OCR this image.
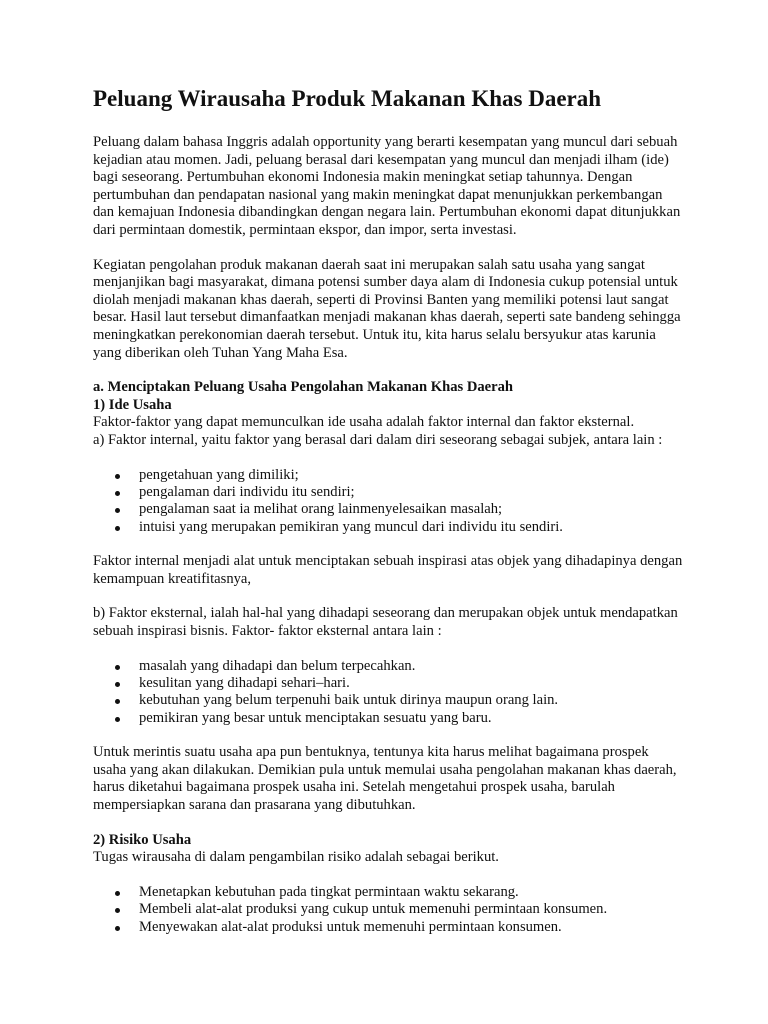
Peluang Wirausaha Produk Makanan Khas Daerah

Peluang dalam bahasa Inggris adalah opportunity yang berarti kesempatan yang muncul dari sebuah kejadian atau momen. Jadi, peluang berasal dari kesempatan yang muncul dan menjadi ilham (ide) bagi seseorang. Pertumbuhan ekonomi Indonesia makin meningkat setiap tahunnya. Dengan pertumbuhan dan pendapatan nasional yang makin meningkat dapat menunjukkan perkembangan dan kemajuan Indonesia dibandingkan dengan negara lain. Pertumbuhan ekonomi dapat ditunjukkan dari permintaan domestik, permintaan ekspor, dan impor, serta investasi.

Kegiatan pengolahan produk makanan daerah saat ini merupakan salah satu usaha yang sangat menjanjikan bagi masyarakat, dimana potensi sumber daya alam di Indonesia cukup potensial untuk diolah menjadi makanan khas daerah, seperti di Provinsi Banten yang memiliki potensi laut sangat besar. Hasil laut tersebut dimanfaatkan menjadi makanan khas daerah, seperti sate bandeng sehingga meningkatkan perekonomian daerah tersebut. Untuk itu, kita harus selalu bersyukur atas karunia yang diberikan oleh Tuhan Yang Maha Esa.

a. Menciptakan Peluang Usaha Pengolahan Makanan Khas Daerah
1) Ide Usaha
Faktor-faktor yang dapat memunculkan ide usaha adalah faktor internal dan faktor eksternal.
a) Faktor internal, yaitu faktor yang berasal dari dalam diri seseorang sebagai subjek, antara lain :
pengetahuan yang dimiliki;
pengalaman dari individu itu sendiri;
pengalaman saat ia melihat orang lainmenyelesaikan masalah;
intuisi yang merupakan pemikiran yang muncul dari individu itu sendiri.

Faktor internal menjadi alat untuk menciptakan sebuah inspirasi atas objek yang dihadapinya dengan kemampuan kreatifitasnya,

b) Faktor eksternal, ialah hal-hal yang dihadapi seseorang dan merupakan objek untuk mendapatkan sebuah inspirasi bisnis. Faktor- faktor eksternal antara lain :

masalah yang dihadapi dan belum terpecahkan.
kesulitan yang dihadapi sehari–hari.
kebutuhan yang belum terpenuhi baik untuk dirinya maupun orang lain.
pemikiran yang besar untuk menciptakan sesuatu yang baru.

Untuk merintis suatu usaha apa pun bentuknya, tentunya kita harus melihat bagaimana prospek usaha yang akan dilakukan. Demikian pula untuk memulai usaha pengolahan makanan khas daerah, harus diketahui bagaimana prospek usaha ini. Setelah mengetahui prospek usaha, barulah mempersiapkan sarana dan prasarana yang dibutuhkan.

2) Risiko Usaha
Tugas wirausaha di dalam pengambilan risiko adalah sebagai berikut.
Menetapkan kebutuhan pada tingkat permintaan waktu sekarang.
Membeli alat-alat produksi yang cukup untuk memenuhi permintaan konsumen.
Menyewakan alat-alat produksi untuk memenuhi permintaan konsumen.
